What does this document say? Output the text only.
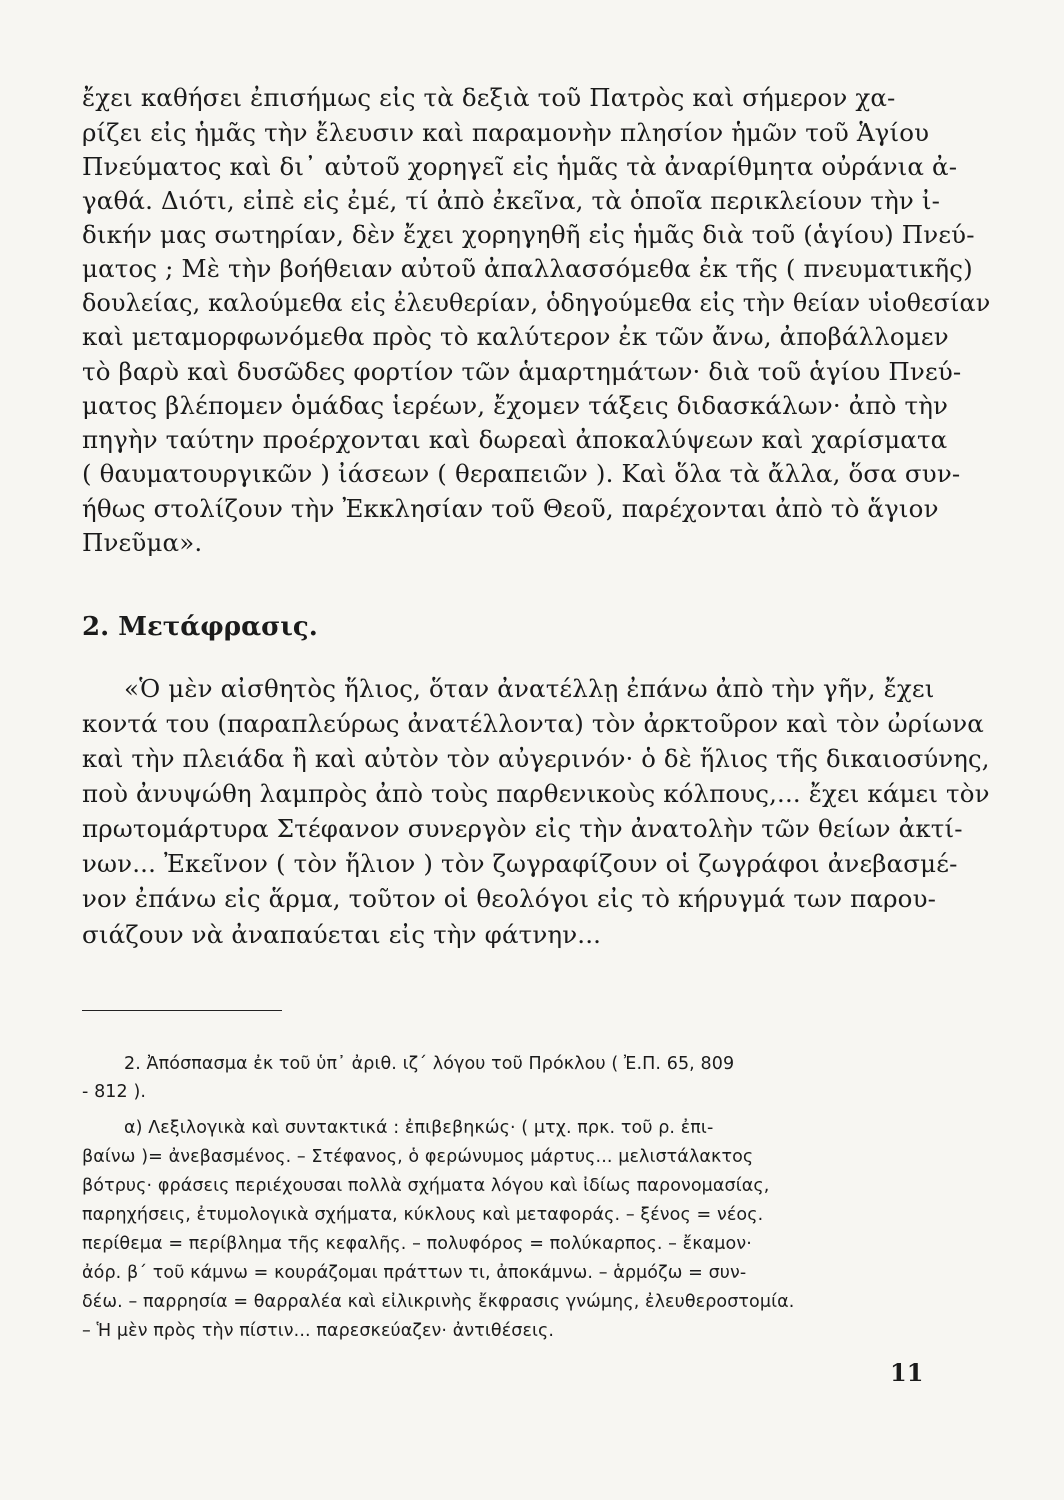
ἔχει καθήσει ἐπισήμως εἰς τὰ δεξιὰ τοῦ Πατρὸς καὶ σήμερον χα-
ρίζει εἰς ἡμᾶς τὴν ἔλευσιν καὶ παραμονὴν πλησίον ἡμῶν τοῦ Ἁγίου
Πνεύματος καὶ δι᾽ αὐτοῦ χορηγεῖ εἰς ἡμᾶς τὰ ἀναρίθμητα οὐράνια ἀ-
γαθά. Διότι, εἰπὲ εἰς ἐμέ, τί ἀπὸ ἐκεῖνα, τὰ ὁποῖα περικλείουν τὴν ἰ-
δικήν μας σωτηρίαν, δὲν ἔχει χορηγηθῆ εἰς ἡμᾶς διὰ τοῦ (ἁγίου) Πνεύ-
ματος ; Μὲ τὴν βοήθειαν αὐτοῦ ἀπαλλασσόμεθα ἐκ τῆς ( πνευματικῆς)
δουλείας, καλούμεθα εἰς ἐλευθερίαν, ὁδηγούμεθα εἰς τὴν θείαν υἱοθεσίαν
καὶ μεταμορφωνόμεθα πρὸς τὸ καλύτερον ἐκ τῶν ἄνω, ἀποβάλλομεν
τὸ βαρὺ καὶ δυσῶδες φορτίον τῶν ἁμαρτημάτων· διὰ τοῦ ἁγίου Πνεύ-
ματος βλέπομεν ὁμάδας ἱερέων, ἔχομεν τάξεις διδασκάλων· ἀπὸ τὴν
πηγὴν ταύτην προέρχονται καὶ δωρεαὶ ἀποκαλύψεων καὶ χαρίσματα
( θαυματουργικῶν ) ἰάσεων ( θεραπειῶν ). Καὶ ὅλα τὰ ἄλλα, ὅσα συν-
ήθως στολίζουν τὴν Ἐκκλησίαν τοῦ Θεοῦ, παρέχονται ἀπὸ τὸ ἅγιον
Πνεῦμα».
2. Μετάφρασις.
«Ὁ μὲν αἰσθητὸς ἥλιος, ὅταν ἀνατέλλῃ ἐπάνω ἀπὸ τὴν γῆν, ἔχει
κοντά του (παραπλεύρως ἀνατέλλοντα) τὸν ἀρκτοῦρον καὶ τὸν ὠρίωνα
καὶ τὴν πλειάδα ἢ καὶ αὐτὸν τὸν αὐγερινόν· ὁ δὲ ἥλιος τῆς δικαιοσύνης,
ποὺ ἀνυψώθη λαμπρὸς ἀπὸ τοὺς παρθενικοὺς κόλπους,... ἔχει κάμει τὸν
πρωτομάρτυρα Στέφανον συνεργὸν εἰς τὴν ἀνατολὴν τῶν θείων ἀκτί-
νων... Ἐκεῖνον ( τὸν ἥλιον ) τὸν ζωγραφίζουν οἱ ζωγράφοι ἀνεβασμέ-
νον ἐπάνω εἰς ἅρμα, τοῦτον οἱ θεολόγοι εἰς τὸ κήρυγμά των παρου-
σιάζουν νὰ ἀναπαύεται εἰς τὴν φάτνην...
2. Ἀπόσπασμα ἐκ τοῦ ὑπ᾽ ἀριθ. ιζ´ λόγου τοῦ Πρόκλου ( Ἐ.Π. 65, 809
- 812 ).
α) Λεξιλογικὰ καὶ συντακτικά : ἐπιβεβηκώς· ( μτχ. πρκ. τοῦ ρ. ἐπι-
βαίνω )= ἀνεβασμένος. – Στέφανος, ὁ φερώνυμος μάρτυς... μελιστάλακτος
βότρυς· φράσεις περιέχουσαι πολλὰ σχήματα λόγου καὶ ἰδίως παρονομασίας,
παρηχήσεις, ἐτυμολογικὰ σχήματα, κύκλους καὶ μεταφοράς. – ξένος = νέος.
περίθεμα = περίβλημα τῆς κεφαλῆς. – πολυφόρος = πολύκαρπος. – ἔκαμον·
ἀόρ. β´ τοῦ κάμνω = κουράζομαι πράττων τι, ἀποκάμνω. – ἁρμόζω = συν-
δέω. – παρρησία = θαρραλέα καὶ εἰλικρινὴς ἔκφρασις γνώμης, ἐλευθεροστομία.
– Ἡ μὲν πρὸς τὴν πίστιν... παρεσκεύαζεν· ἀντιθέσεις.
11
